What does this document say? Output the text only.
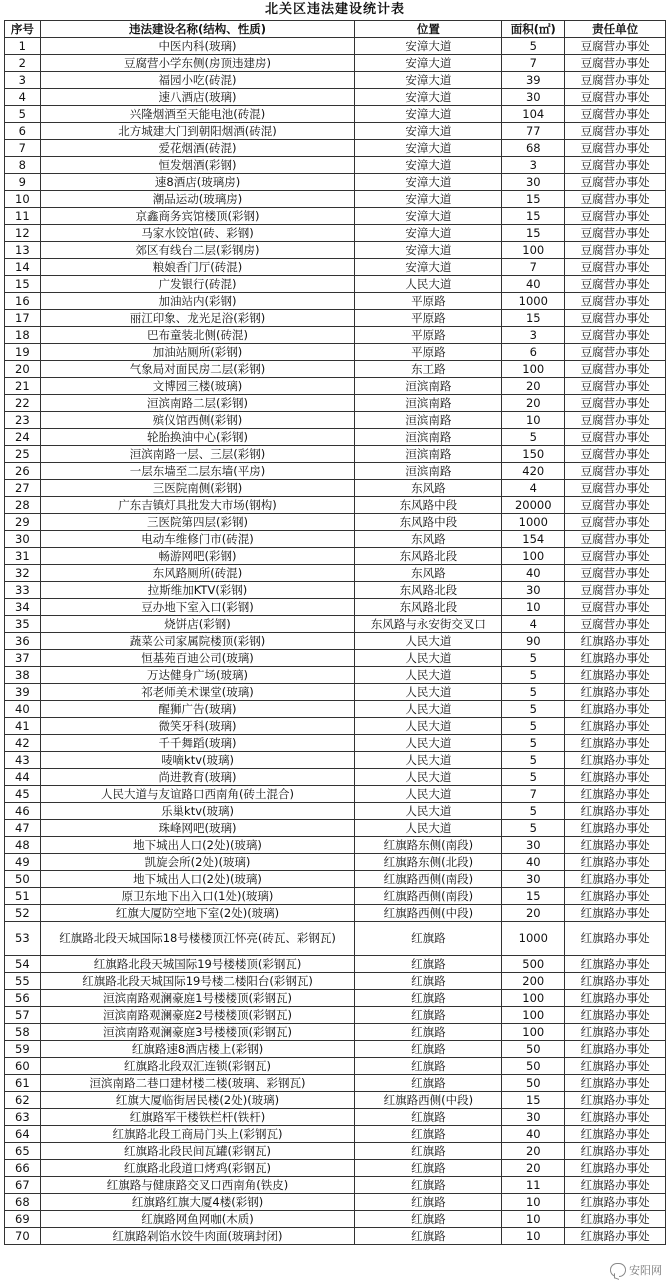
北关区违法建设统计表
序号	违法建设名称(结构、性质)	位置	面积(㎡)	责任单位
1	中医内科(玻璃)	安漳大道	5	豆腐营办事处
2	豆腐营小学东侧(房顶违建房)	安漳大道	7	豆腐营办事处
3	福园小吃(砖混)	安漳大道	39	豆腐营办事处
4	速八酒店(玻璃)	安漳大道	30	豆腐营办事处
5	兴隆烟酒至天能电池(砖混)	安漳大道	104	豆腐营办事处
6	北方城建大门到朝阳烟酒(砖混)	安漳大道	77	豆腐营办事处
7	爱花烟酒(砖混)	安漳大道	68	豆腐营办事处
8	恒发烟酒(彩钢)	安漳大道	3	豆腐营办事处
9	速8酒店(玻璃房)	安漳大道	30	豆腐营办事处
10	潮品运动(玻璃房)	安漳大道	15	豆腐营办事处
11	京鑫商务宾馆楼顶(彩钢)	安漳大道	15	豆腐营办事处
12	马家水饺馆(砖、彩钢)	安漳大道	15	豆腐营办事处
13	郊区有线台二层(彩钢房)	安漳大道	100	豆腐营办事处
14	粮娘香门厅(砖混)	安漳大道	7	豆腐营办事处
15	广发银行(砖混)	人民大道	40	豆腐营办事处
16	加油站内(彩钢)	平原路	1000	豆腐营办事处
17	丽江印象、龙光足浴(彩钢)	平原路	15	豆腐营办事处
18	巴布童装北侧(砖混)	平原路	3	豆腐营办事处
19	加油站厕所(彩钢)	平原路	6	豆腐营办事处
20	气象局对面民房二层(彩钢)	东工路	100	豆腐营办事处
21	文博园三楼(玻璃)	洹滨南路	20	豆腐营办事处
22	洹滨南路二层(彩钢)	洹滨南路	20	豆腐营办事处
23	殡仪馆西侧(彩钢)	洹滨南路	10	豆腐营办事处
24	轮胎换油中心(彩钢)	洹滨南路	5	豆腐营办事处
25	洹滨南路一层、三层(彩钢)	洹滨南路	150	豆腐营办事处
26	一层东墙至二层东墙(平房)	洹滨南路	420	豆腐营办事处
27	三医院南侧(彩钢)	东风路	4	豆腐营办事处
28	广东吉镇灯具批发大市场(钢构)	东风路中段	20000	豆腐营办事处
29	三医院第四层(彩钢)	东风路中段	1000	豆腐营办事处
30	电动车维修门市(砖混)	东风路	154	豆腐营办事处
31	畅游网吧(彩钢)	东风路北段	100	豆腐营办事处
32	东风路厕所(砖混)	东风路	40	豆腐营办事处
33	拉斯维加KTV(彩钢)	东风路北段	30	豆腐营办事处
34	豆办地下室入口(彩钢)	东风路北段	10	豆腐营办事处
35	烧饼店(彩钢)	东风路与永安街交叉口	4	豆腐营办事处
36	蔬菜公司家属院楼顶(彩钢)	人民大道	90	红旗路办事处
37	恒基苑百迪公司(玻璃)	人民大道	5	红旗路办事处
38	万达健身广场(玻璃)	人民大道	5	红旗路办事处
39	祁老师美术课堂(玻璃)	人民大道	5	红旗路办事处
40	醒狮广告(玻璃)	人民大道	5	红旗路办事处
41	微笑牙科(玻璃)	人民大道	5	红旗路办事处
42	千千舞蹈(玻璃)	人民大道	5	红旗路办事处
43	唛嘀ktv(玻璃)	人民大道	5	红旗路办事处
44	尚进教育(玻璃)	人民大道	5	红旗路办事处
45	人民大道与友谊路口西南角(砖土混合)	人民大道	7	红旗路办事处
46	乐巢ktv(玻璃)	人民大道	5	红旗路办事处
47	珠峰网吧(玻璃)	人民大道	5	红旗路办事处
48	地下城出人口(2处)(玻璃)	红旗路东侧(南段)	30	红旗路办事处
49	凯旋会所(2处)(玻璃)	红旗路东侧(北段)	40	红旗路办事处
50	地下城出人口(2处)(玻璃)	红旗路西侧(南段)	30	红旗路办事处
51	原卫东地下出入口(1处)(玻璃)	红旗路西侧(南段)	15	红旗路办事处
52	红旗大厦防空地下室(2处)(玻璃)	红旗路西侧(中段)	20	红旗路办事处
53	红旗路北段天城国际18号楼楼顶江怀亮(砖瓦、彩钢瓦)	红旗路	1000	红旗路办事处
54	红旗路北段天城国际19号楼楼顶(彩钢瓦)	红旗路	500	红旗路办事处
55	红旗路北段天城国际19号楼二楼阳台(彩钢瓦)	红旗路	200	红旗路办事处
56	洹滨南路观澜豪庭1号楼楼顶(彩钢瓦)	红旗路	100	红旗路办事处
57	洹滨南路观澜豪庭2号楼楼顶(彩钢瓦)	红旗路	100	红旗路办事处
58	洹滨南路观澜豪庭3号楼楼顶(彩钢瓦)	红旗路	100	红旗路办事处
59	红旗路速8酒店楼上(彩钢)	红旗路	50	红旗路办事处
60	红旗路北段双汇连锁(彩钢瓦)	红旗路	50	红旗路办事处
61	洹滨南路二巷口建材楼二楼(玻璃、彩钢瓦)	红旗路	50	红旗路办事处
62	红旗大厦临街居民楼(2处)(玻璃)	红旗路西侧(中段)	15	红旗路办事处
63	红旗路军干楼铁栏杆(铁杆)	红旗路	30	红旗路办事处
64	红旗路北段工商局门头上(彩钢瓦)	红旗路	40	红旗路办事处
65	红旗路北段民间瓦罐(彩钢瓦)	红旗路	20	红旗路办事处
66	红旗路北段道口烤鸡(彩钢瓦)	红旗路	20	红旗路办事处
67	红旗路与健康路交叉口西南角(铁皮)	红旗路	11	红旗路办事处
68	红旗路红旗大厦4楼(彩钢)	红旗路	10	红旗路办事处
69	红旗路网鱼网咖(木质)	红旗路	10	红旗路办事处
70	红旗路剁馅水饺牛肉面(玻璃封闭)	红旗路	10	红旗路办事处
安阳网
